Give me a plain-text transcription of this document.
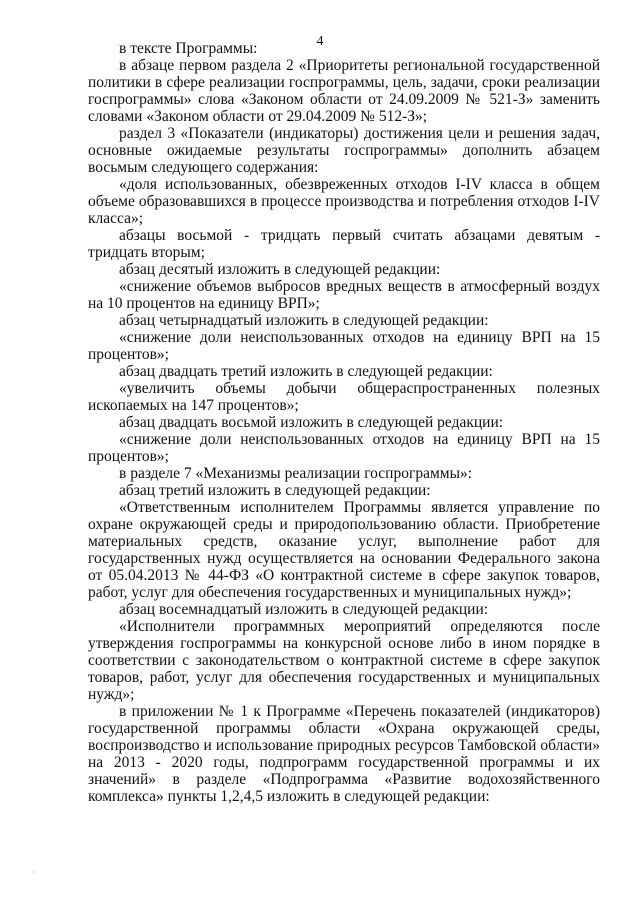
4

в тексте Программы:

в абзаце первом раздела 2 «Приоритеты региональной государственной политики в сфере реализации госпрограммы, цель, задачи, сроки реализации госпрограммы» слова «Законом области от 24.09.2009 № 521-З» заменить словами «Законом области от 29.04.2009 № 512-З»;

раздел 3 «Показатели (индикаторы) достижения цели и решения задач, основные ожидаемые результаты госпрограммы» дополнить абзацем восьмым следующего содержания:

«доля использованных, обезвреженных отходов I-IV класса в общем объеме образовавшихся в процессе производства и потребления отходов I-IV класса»;

абзацы восьмой - тридцать первый считать абзацами девятым - тридцать вторым;

абзац десятый изложить в следующей редакции:

«снижение объемов выбросов вредных веществ в атмосферный воздух на 10 процентов на единицу ВРП»;

абзац четырнадцатый изложить в следующей редакции:

«снижение доли неиспользованных отходов на единицу ВРП на 15 процентов»;

абзац двадцать третий изложить в следующей редакции:

«увеличить объемы добычи общераспространенных полезных ископаемых на 147 процентов»;

абзац двадцать восьмой изложить в следующей редакции:

«снижение доли неиспользованных отходов на единицу ВРП на 15 процентов»;

в разделе 7 «Механизмы реализации госпрограммы»:

абзац третий изложить в следующей редакции:

«Ответственным исполнителем Программы является управление по охране окружающей среды и природопользованию области. Приобретение материальных средств, оказание услуг, выполнение работ для государственных нужд осуществляется на основании Федерального закона от 05.04.2013 № 44-ФЗ «О контрактной системе в сфере закупок товаров, работ, услуг для обеспечения государственных и муниципальных нужд»;

абзац восемнадцатый изложить в следующей редакции:

«Исполнители программных мероприятий определяются после утверждения госпрограммы на конкурсной основе либо в ином порядке в соответствии с законодательством о контрактной системе в сфере закупок товаров, работ, услуг для обеспечения государственных и муниципальных нужд»;

в приложении № 1 к Программе «Перечень показателей (индикаторов) государственной программы области «Охрана окружающей среды, воспроизводство и использование природных ресурсов Тамбовской области» на 2013 - 2020 годы, подпрограмм государственной программы и их значений» в разделе «Подпрограмма «Развитие водохозяйственного комплекса» пункты 1,2,4,5 изложить в следующей редакции:

·
